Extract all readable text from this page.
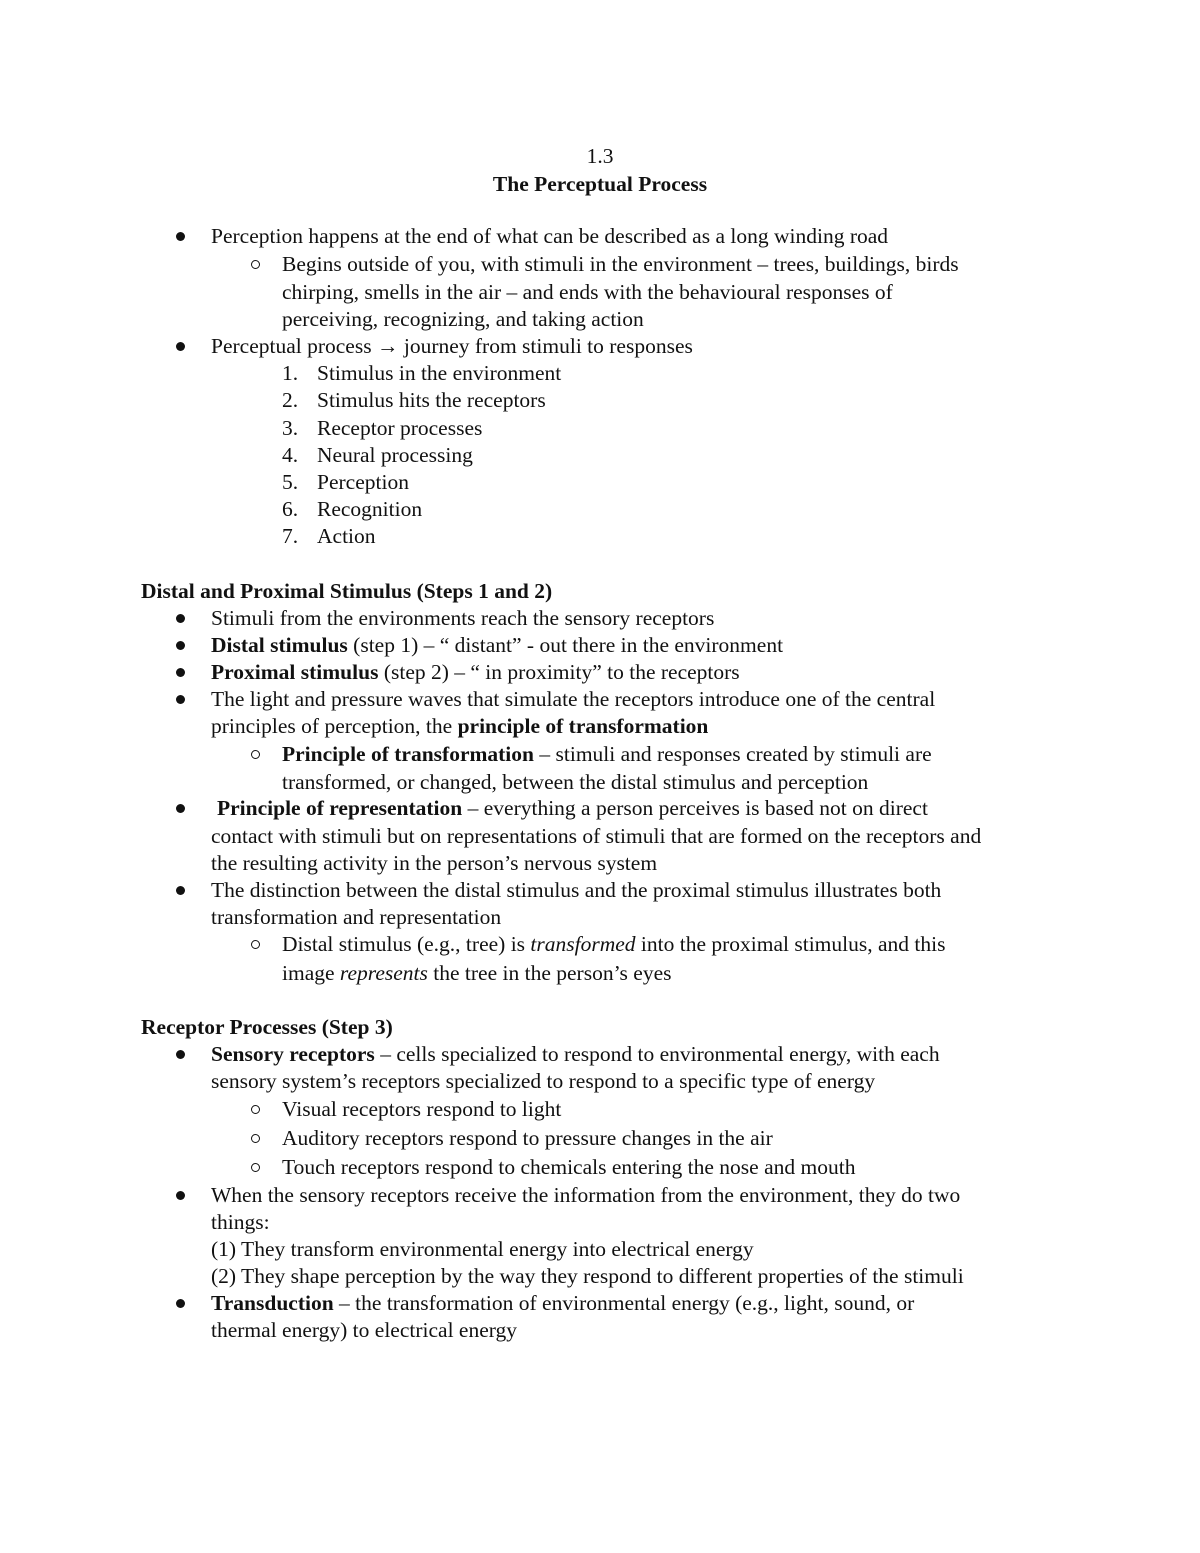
1.3
The Perceptual Process
Perception happens at the end of what can be described as a long winding road
Begins outside of you, with stimuli in the environment – trees, buildings, birds
chirping, smells in the air – and ends with the behavioural responses of
perceiving, recognizing, and taking action
Perceptual process → journey from stimuli to responses
1. Stimulus in the environment
2. Stimulus hits the receptors
3. Receptor processes
4. Neural processing
5. Perception
6. Recognition
7. Action
Distal and Proximal Stimulus (Steps 1 and 2)
Stimuli from the environments reach the sensory receptors
Distal stimulus (step 1) – “ distant” - out there in the environment
Proximal stimulus (step 2) – “ in proximity” to the receptors
The light and pressure waves that simulate the receptors introduce one of the central
principles of perception, the principle of transformation
Principle of transformation – stimuli and responses created by stimuli are
transformed, or changed, between the distal stimulus and perception
Principle of representation – everything a person perceives is based not on direct
contact with stimuli but on representations of stimuli that are formed on the receptors and
the resulting activity in the person’s nervous system
The distinction between the distal stimulus and the proximal stimulus illustrates both
transformation and representation
Distal stimulus (e.g., tree) is transformed into the proximal stimulus, and this
image represents the tree in the person’s eyes
Receptor Processes (Step 3)
Sensory receptors – cells specialized to respond to environmental energy, with each
sensory system’s receptors specialized to respond to a specific type of energy
Visual receptors respond to light
Auditory receptors respond to pressure changes in the air
Touch receptors respond to chemicals entering the nose and mouth
When the sensory receptors receive the information from the environment, they do two
things:
(1) They transform environmental energy into electrical energy
(2) They shape perception by the way they respond to different properties of the stimuli
Transduction – the transformation of environmental energy (e.g., light, sound, or
thermal energy) to electrical energy
